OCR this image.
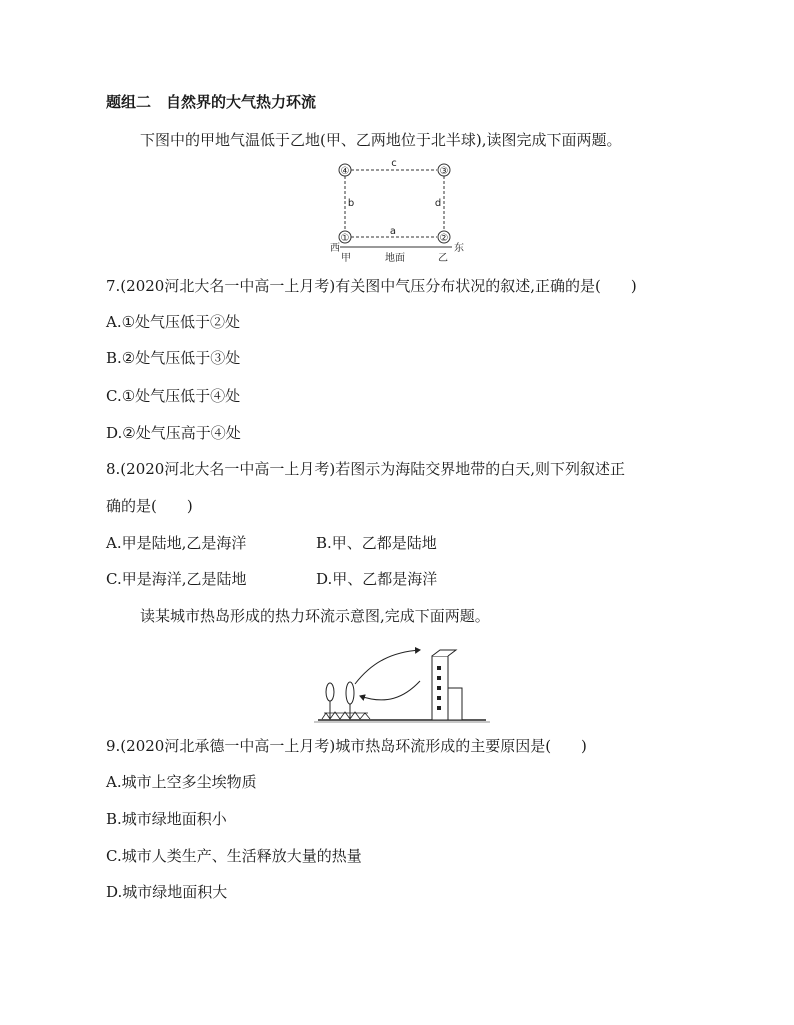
题组二　自然界的大气热力环流
下图中的甲地气温低于乙地(甲、乙两地位于北半球),读图完成下面两题。
④	③
①	②
c
b	d
a
西	东
甲	地面	乙
7.(2020河北大名一中高一上月考)有关图中气压分布状况的叙述,正确的是(　　)
A.①处气压低于②处
B.②处气压低于③处
C.①处气压低于④处
D.②处气压高于④处
8.(2020河北大名一中高一上月考)若图示为海陆交界地带的白天,则下列叙述正
确的是(　　)
A.甲是陆地,乙是海洋	B.甲、乙都是陆地
C.甲是海洋,乙是陆地	D.甲、乙都是海洋
读某城市热岛形成的热力环流示意图,完成下面两题。
9.(2020河北承德一中高一上月考)城市热岛环流形成的主要原因是(　　)
A.城市上空多尘埃物质
B.城市绿地面积小
C.城市人类生产、生活释放大量的热量
D.城市绿地面积大
